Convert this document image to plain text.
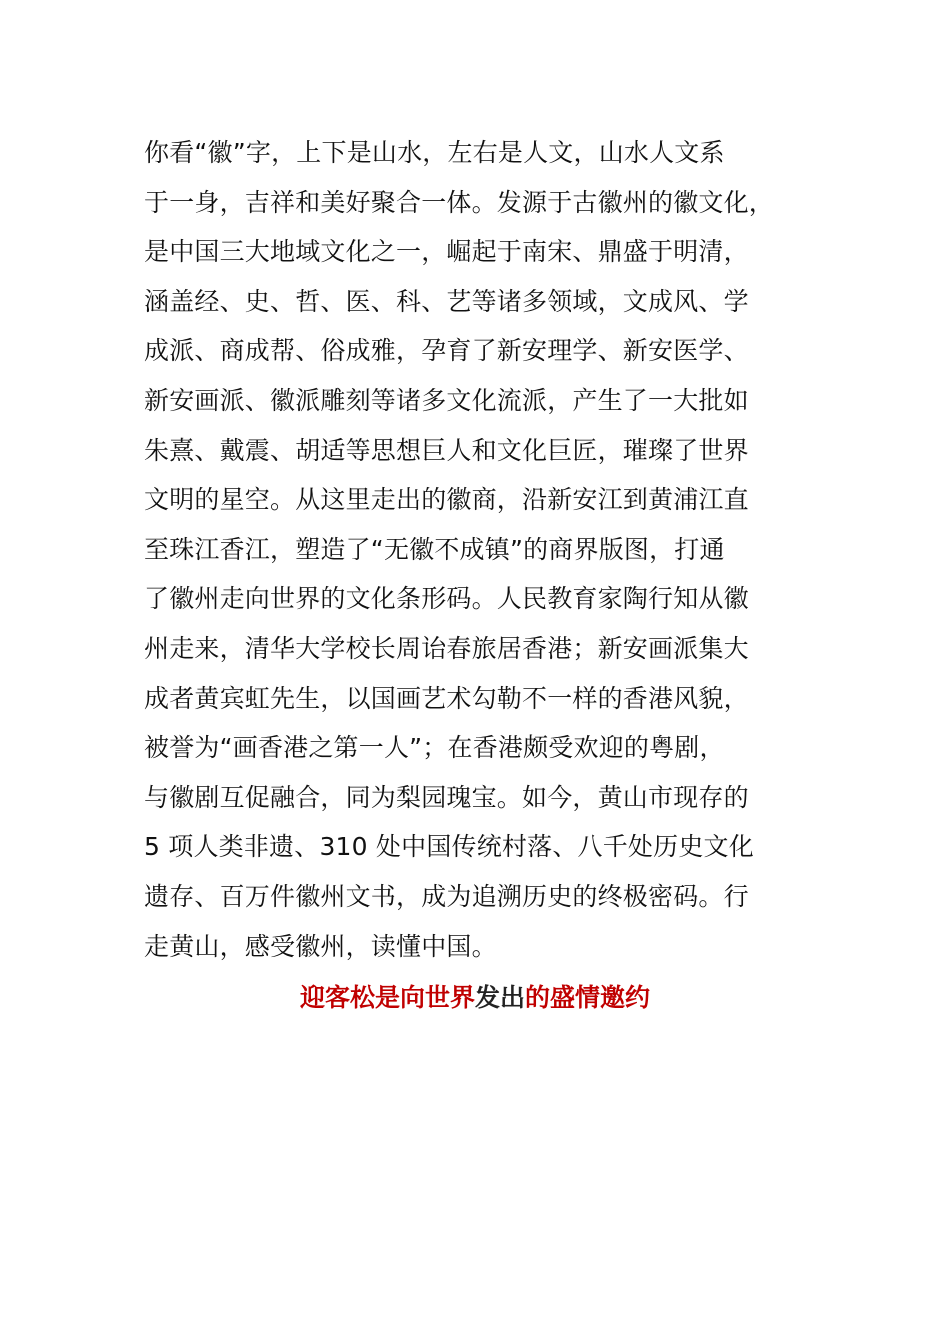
你看“徽”字，上下是山水，左右是人文，山水人文系
于一身，吉祥和美好聚合一体。发源于古徽州的徽文化，
是中国三大地域文化之一，崛起于南宋、鼎盛于明清，
涵盖经、史、哲、医、科、艺等诸多领域，文成风、学
成派、商成帮、俗成雅，孕育了新安理学、新安医学、
新安画派、徽派雕刻等诸多文化流派，产生了一大批如
朱熹、戴震、胡适等思想巨人和文化巨匠，璀璨了世界
文明的星空。从这里走出的徽商，沿新安江到黄浦江直
至珠江香江，塑造了“无徽不成镇”的商界版图，打通
了徽州走向世界的文化条形码。人民教育家陶行知从徽
州走来，清华大学校长周诒春旅居香港；新安画派集大
成者黄宾虹先生，以国画艺术勾勒不一样的香港风貌，
被誉为“画香港之第一人”；在香港颇受欢迎的粤剧，
与徽剧互促融合，同为梨园瑰宝。如今，黄山市现存的
5 项人类非遗、310 处中国传统村落、八千处历史文化
遗存、百万件徽州文书，成为追溯历史的终极密码。行
走黄山，感受徽州，读懂中国。
迎客松是向世界发出的盛情邀约
